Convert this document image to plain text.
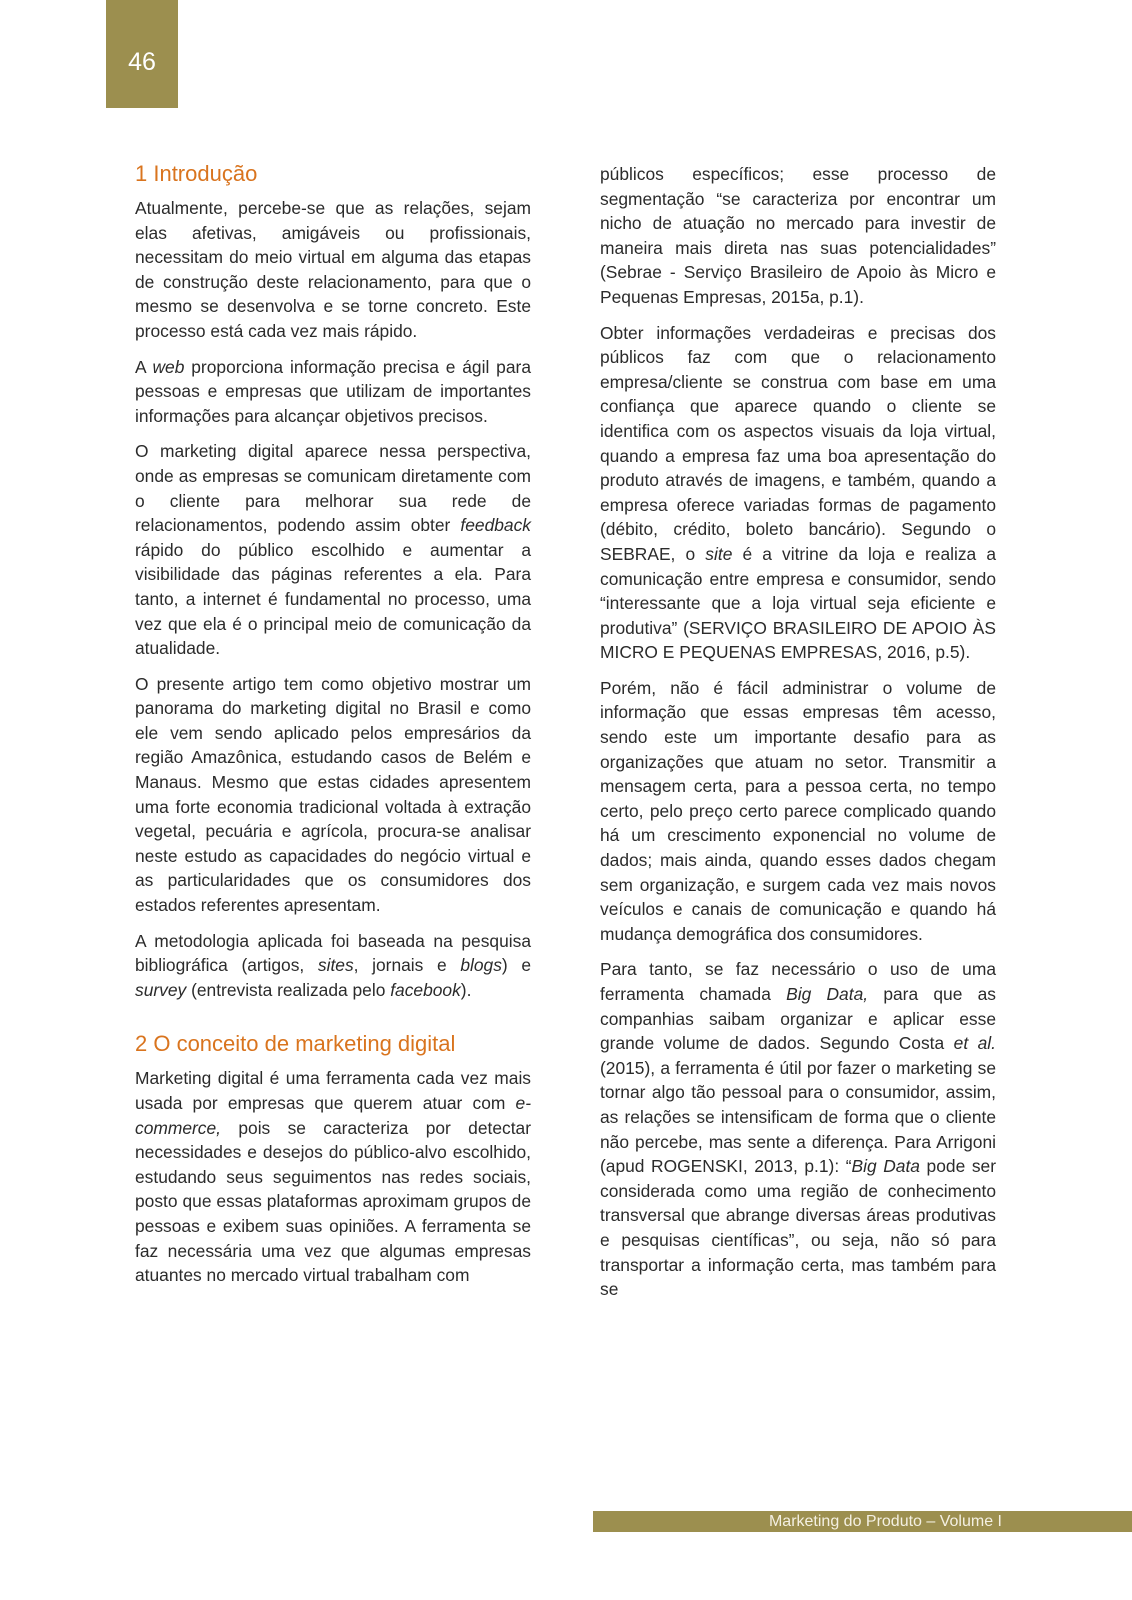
46
1 Introdução

Atualmente, percebe-se que as relações, sejam elas afetivas, amigáveis ou profissionais, necessitam do meio virtual em alguma das etapas de construção deste relacionamento, para que o mesmo se desenvolva e se torne concreto. Este processo está cada vez mais rápido.

A web proporciona informação precisa e ágil para pessoas e empresas que utilizam de importantes informações para alcançar objetivos precisos.

O marketing digital aparece nessa perspectiva, onde as empresas se comunicam diretamente com o cliente para melhorar sua rede de relacionamentos, podendo assim obter feedback rápido do público escolhido e aumentar a visibilidade das páginas referentes a ela. Para tanto, a internet é fundamental no processo, uma vez que ela é o principal meio de comunicação da atualidade.

O presente artigo tem como objetivo mostrar um panorama do marketing digital no Brasil e como ele vem sendo aplicado pelos empresários da região Amazônica, estudando casos de Belém e Manaus. Mesmo que estas cidades apresentem uma forte economia tradicional voltada à extração vegetal, pecuária e agrícola, procura-se analisar neste estudo as capacidades do negócio virtual e as particularidades que os consumidores dos estados referentes apresentam.

A metodologia aplicada foi baseada na pesquisa bibliográfica (artigos, sites, jornais e blogs) e survey (entrevista realizada pelo facebook).

2 O conceito de marketing digital

Marketing digital é uma ferramenta cada vez mais usada por empresas que querem atuar com e-commerce, pois se caracteriza por detectar necessidades e desejos do público-alvo escolhido, estudando seus seguimentos nas redes sociais, posto que essas plataformas aproximam grupos de pessoas e exibem suas opiniões. A ferramenta se faz necessária uma vez que algumas empresas atuantes no mercado virtual trabalham com

públicos específicos; esse processo de segmentação “se caracteriza por encontrar um nicho de atuação no mercado para investir de maneira mais direta nas suas potencialidades” (Sebrae - Serviço Brasileiro de Apoio às Micro e Pequenas Empresas, 2015a, p.1).

Obter informações verdadeiras e precisas dos públicos faz com que o relacionamento empresa/cliente se construa com base em uma confiança que aparece quando o cliente se identifica com os aspectos visuais da loja virtual, quando a empresa faz uma boa apresentação do produto através de imagens, e também, quando a empresa oferece variadas formas de pagamento (débito, crédito, boleto bancário). Segundo o SEBRAE, o site é a vitrine da loja e realiza a comunicação entre empresa e consumidor, sendo “interessante que a loja virtual seja eficiente e produtiva” (SERVIÇO BRASILEIRO DE APOIO ÀS MICRO E PEQUENAS EMPRESAS, 2016, p.5).

Porém, não é fácil administrar o volume de informação que essas empresas têm acesso, sendo este um importante desafio para as organizações que atuam no setor. Transmitir a mensagem certa, para a pessoa certa, no tempo certo, pelo preço certo parece complicado quando há um crescimento exponencial no volume de dados; mais ainda, quando esses dados chegam sem organização, e surgem cada vez mais novos veículos e canais de comunicação e quando há mudança demográfica dos consumidores.

Para tanto, se faz necessário o uso de uma ferramenta chamada Big Data, para que as companhias saibam organizar e aplicar esse grande volume de dados. Segundo Costa et al. (2015), a ferramenta é útil por fazer o marketing se tornar algo tão pessoal para o consumidor, assim, as relações se intensificam de forma que o cliente não percebe, mas sente a diferença. Para Arrigoni (apud ROGENSKI, 2013, p.1): “Big Data pode ser considerada como uma região de conhecimento transversal que abrange diversas áreas produtivas e pesquisas científicas”, ou seja, não só para transportar a informação certa, mas também para se

Marketing do Produto – Volume I
